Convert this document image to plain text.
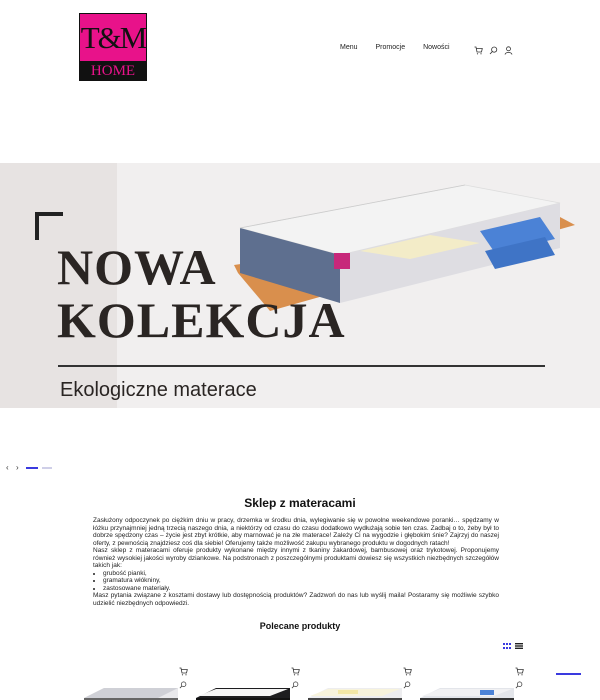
T&M
HOME
Menu	Promocje	Nowości
NOWA
KOLEKCJA
Ekologiczne materace
‹ ›
Sklep z materacami

Zasłużony odpoczynek po ciężkim dniu w pracy, drzemka w środku dnia, wylegiwanie się w powolne weekendowe poranki… spędzamy w łóżku przynajmniej jedną trzecią naszego dnia, a niektórzy od czasu do czasu dodatkowo wydłużają sobie ten czas. Zadbaj o to, żeby był to dobrze spędzony czas – życie jest zbyt krótkie, aby marnować je na złe materace! Zależy Ci na wygodzie i głębokim śnie? Zajrzyj do naszej oferty, z pewnością znajdziesz coś dla siebie! Oferujemy także możliwość zakupu wybranego produktu w dogodnych ratach!

Nasz sklep z materacami oferuje produkty wykonane między innymi z tkaniny żakardowej, bambusowej oraz trykotowej. Proponujemy również wysokiej jakości wyroby dziankowe. Na podstronach z poszczególnymi produktami dowiesz się wszystkich niezbędnych szczegółów takich jak:

• grubość pianki,
• gramatura włókniny,
• zastosowane materiały.

Masz pytania związane z kosztami dostawy lub dostępnością produktów? Zadzwoń do nas lub wyślij maila! Postaramy się możliwie szybko udzielić niezbędnych odpowiedzi.

Polecane produkty
